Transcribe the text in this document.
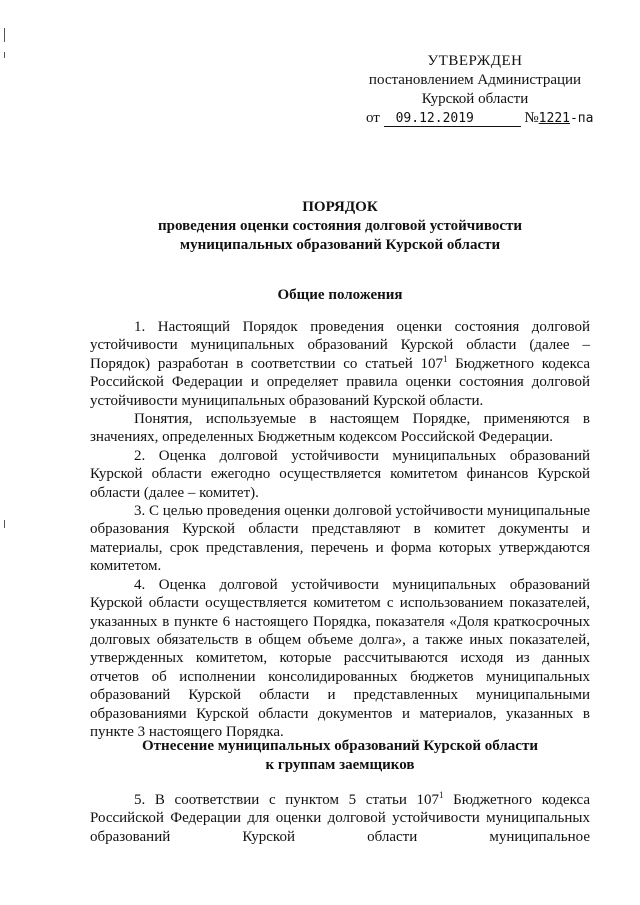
УТВЕРЖДЕН
постановлением Администрации
Курской области
от 09.12.2019	№1221-па
ПОРЯДОК
проведения оценки состояния долговой устойчивости
муниципальных образований Курской области
Общие положения

1. Настоящий Порядок проведения оценки состояния долговой устойчивости муниципальных образований Курской области (далее – Порядок) разработан в соответствии со статьей $107^1$ Бюджетного кодекса Российской Федерации и определяет правила оценки состояния долговой устойчивости муниципальных образований Курской области.

Понятия, используемые в настоящем Порядке, применяются в значениях, определенных Бюджетным кодексом Российской Федерации.

2. Оценка долговой устойчивости муниципальных образований Курской области ежегодно осуществляется комитетом финансов Курской области (далее – комитет).

3. С целью проведения оценки долговой устойчивости муниципальные образования Курской области представляют в комитет документы и материалы, срок представления, перечень и форма которых утверждаются комитетом.

4. Оценка долговой устойчивости муниципальных образований Курской области осуществляется комитетом с использованием показателей, указанных в пункте 6 настоящего Порядка, показателя «Доля краткосрочных долговых обязательств в общем объеме долга», а также иных показателей, утвержденных комитетом, которые рассчитываются исходя из данных отчетов об исполнении консолидированных бюджетов муниципальных образований Курской области и представленных муниципальными образованиями Курской области документов и материалов, указанных в пункте 3 настоящего Порядка.

Отнесение муниципальных образований Курской области
к группам заемщиков

5. В соответствии с пунктом 5 статьи $107^1$ Бюджетного кодекса Российской Федерации для оценки долговой устойчивости муниципальных образований Курской области муниципальное
